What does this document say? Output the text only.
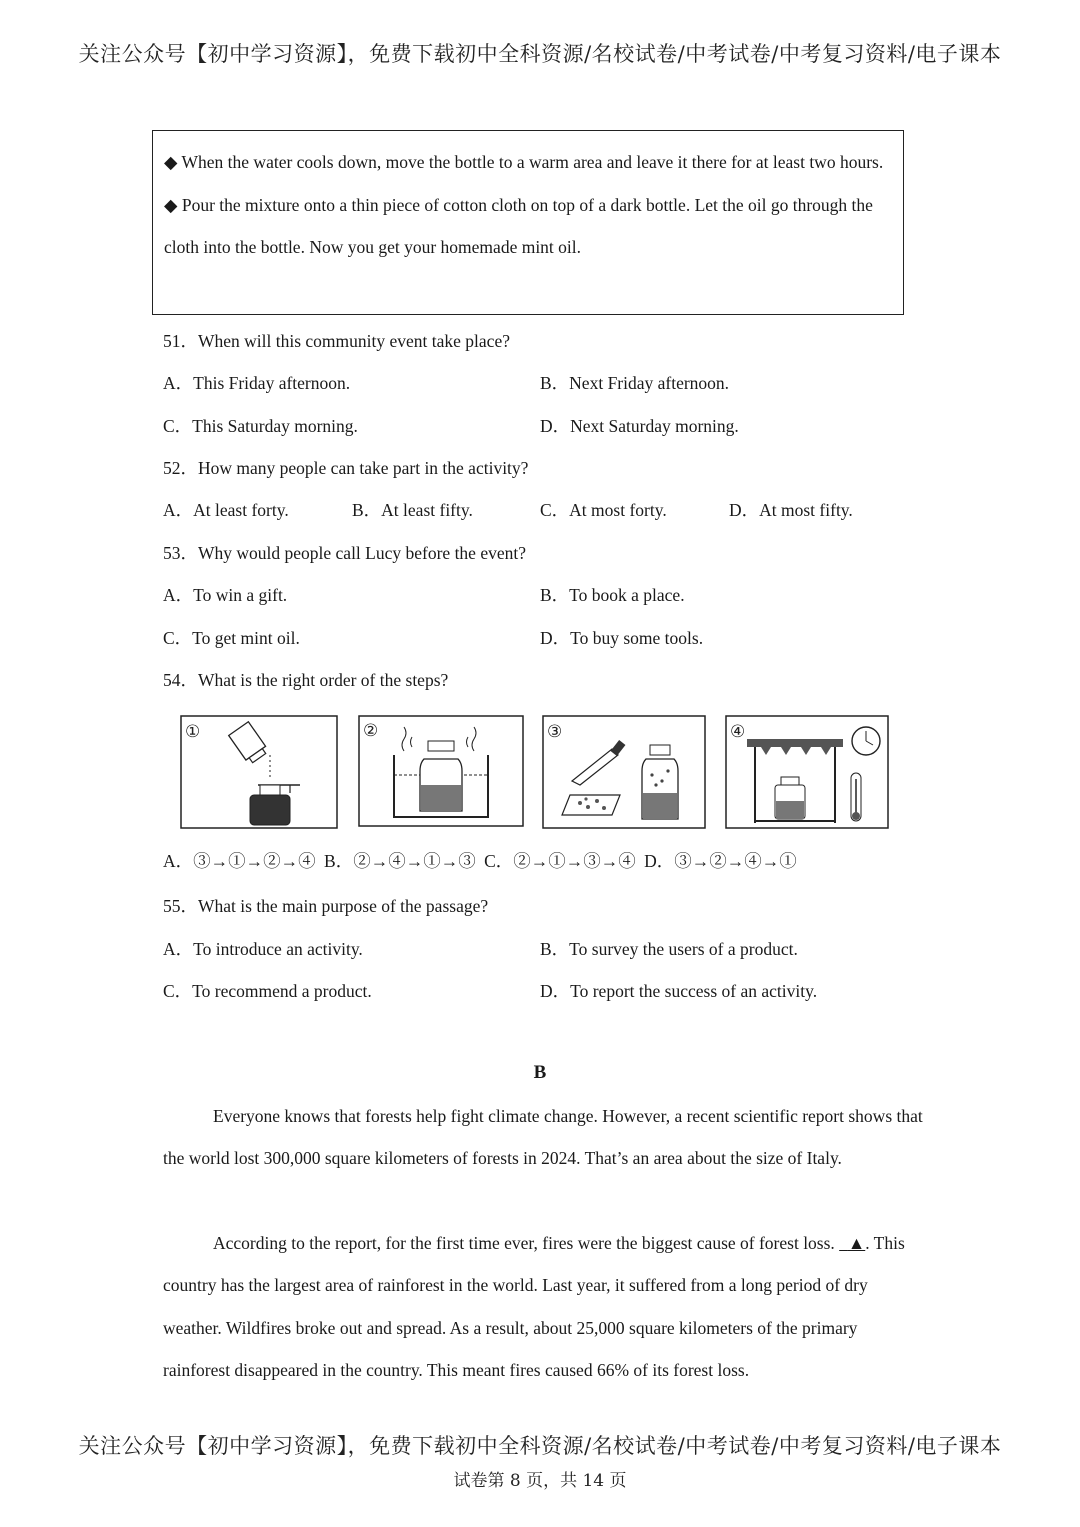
关注公众号【初中学习资源】，免费下载初中全科资源/名校试卷/中考试卷/中考复习资料/电子课本

◆ When the water cools down, move the bottle to a warm area and leave it there for at least two hours.

◆ Pour the mixture onto a thin piece of cotton cloth on top of a dark bottle. Let the oil go through the cloth into the bottle. Now you get your homemade mint oil.

51．When will this community event take place?
A．This Friday afternoon.	B．Next Friday afternoon.
C．This Saturday morning.	D．Next Saturday morning.
52．How many people can take part in the activity?
A．At least forty.	B．At least fifty.	C．At most forty.	D．At most fifty.
53．Why would people call Lucy before the event?
A．To win a gift.	B．To book a place.
C．To get mint oil.	D．To buy some tools.
54．What is the right order of the steps?
①	②	③	④
A．③→①→②→④ B．②→④→①→③ C．②→①→③→④ D．③→②→④→①
55．What is the main purpose of the passage?
A．To introduce an activity.	B．To survey the users of a product.
C．To recommend a product.	D．To report the success of an activity.
B

Everyone knows that forests help fight climate change. However, a recent scientific report shows that the world lost 300,000 square kilometers of forests in 2024. That’s an area about the size of Italy.

According to the report, for the first time ever, fires were the biggest cause of forest loss. ▲. This country has the largest area of rainforest in the world. Last year, it suffered from a long period of dry weather. Wildfires broke out and spread. As a result, about 25,000 square kilometers of the primary rainforest disappeared in the country. This meant fires caused 66% of its forest loss.

关注公众号【初中学习资源】，免费下载初中全科资源/名校试卷/中考试卷/中考复习资料/电子课本
试卷第 8 页，共 14 页
